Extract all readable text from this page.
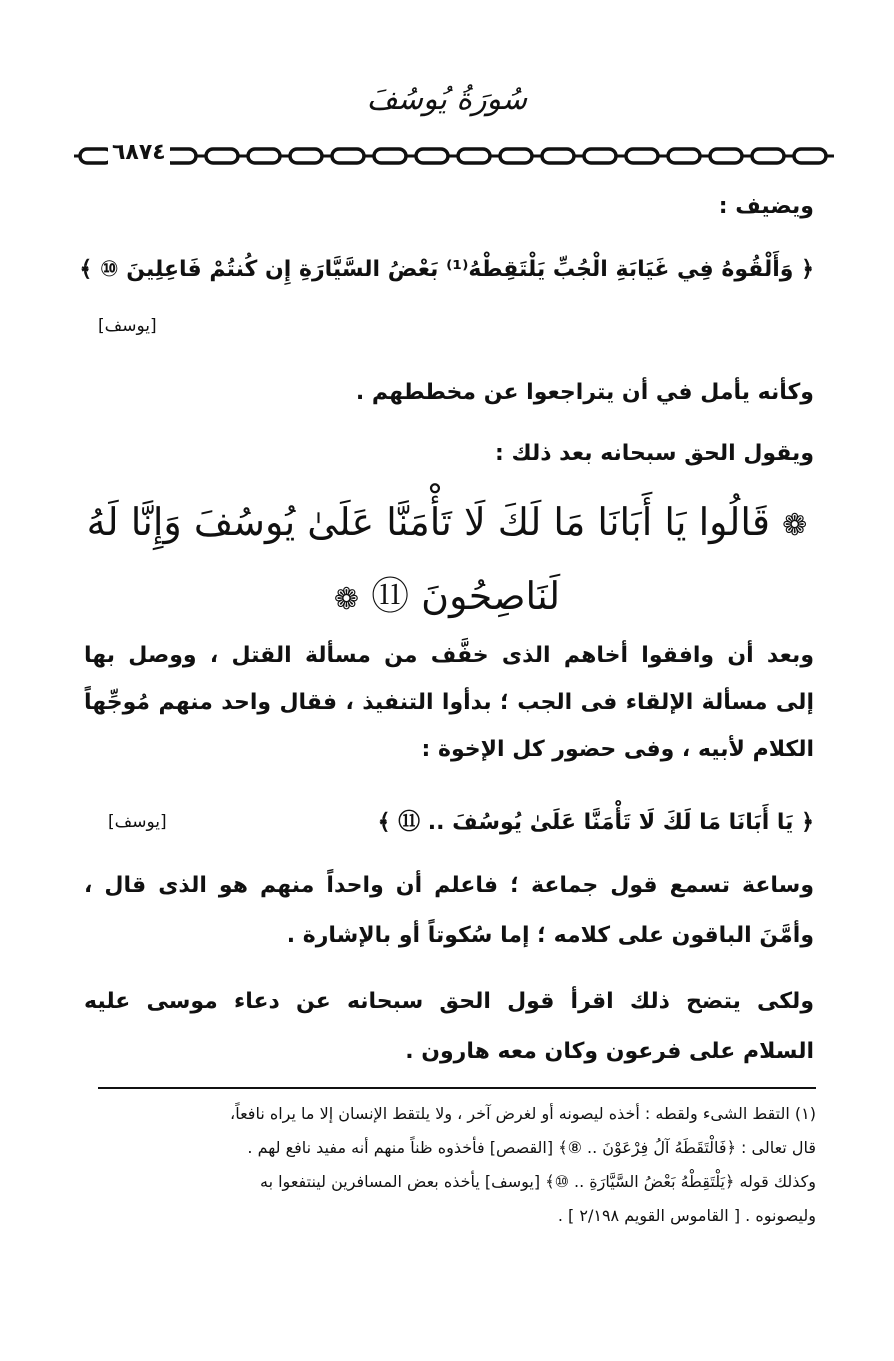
سُورَةُ يُوسُفَ
٦٨٧٤
ويضيف :
﴿ وَأَلْقُوهُ فِي غَيَابَةِ الْجُبِّ يَلْتَقِطْهُ⁽¹⁾ بَعْضُ السَّيَّارَةِ إِن كُنتُمْ فَاعِلِينَ ⑩ ﴾
[يوسف]
وكأنه يأمل في أن يتراجعوا عن مخططهم .
ويقول الحق سبحانه بعد ذلك :
❁ قَالُوا يَا أَبَانَا مَا لَكَ لَا تَأْمَنَّا عَلَىٰ يُوسُفَ وَإِنَّا لَهُ
لَنَاصِحُونَ ⑪ ❁
وبعد أن وافقوا أخاهم الذى خفَّف من مسألة القتل ، ووصل بها
إلى مسألة الإلقاء فى الجب ؛ بدأوا التنفيذ ، فقال واحد منهم مُوجِّهاً
الكلام لأبيه ، وفى حضور كل الإخوة :
﴿ يَا أَبَانَا مَا لَكَ لَا تَأْمَنَّا عَلَىٰ يُوسُفَ .. ⑪ ﴾
[يوسف]
وساعة تسمع قول جماعة ؛ فاعلم أن واحداً منهم هو الذى قال ،
وأمَّنَ الباقون على كلامه ؛ إما سُكوتاً أو بالإشارة .
ولكى يتضح ذلك اقرأ قول الحق سبحانه عن دعاء موسى عليه
السلام على فرعون وكان معه هارون .
(١) التقط الشىء ولقطه : أخذه ليصونه أو لغرض آخر ، ولا يلتقط الإنسان إلا ما يراه نافعاً،
قال تعالى : ﴿فَالْتَقَطَهُ آلُ فِرْعَوْنَ .. ⑧﴾ [القصص] فأخذوه ظناً منهم أنه مفيد نافع لهم .
وكذلك قوله ﴿يَلْتَقِطْهُ بَعْضُ السَّيَّارَةِ .. ⑩﴾ [يوسف] يأخذه بعض المسافرين لينتفعوا به
وليصونوه . [ القاموس القويم ٢/١٩٨ ] .
